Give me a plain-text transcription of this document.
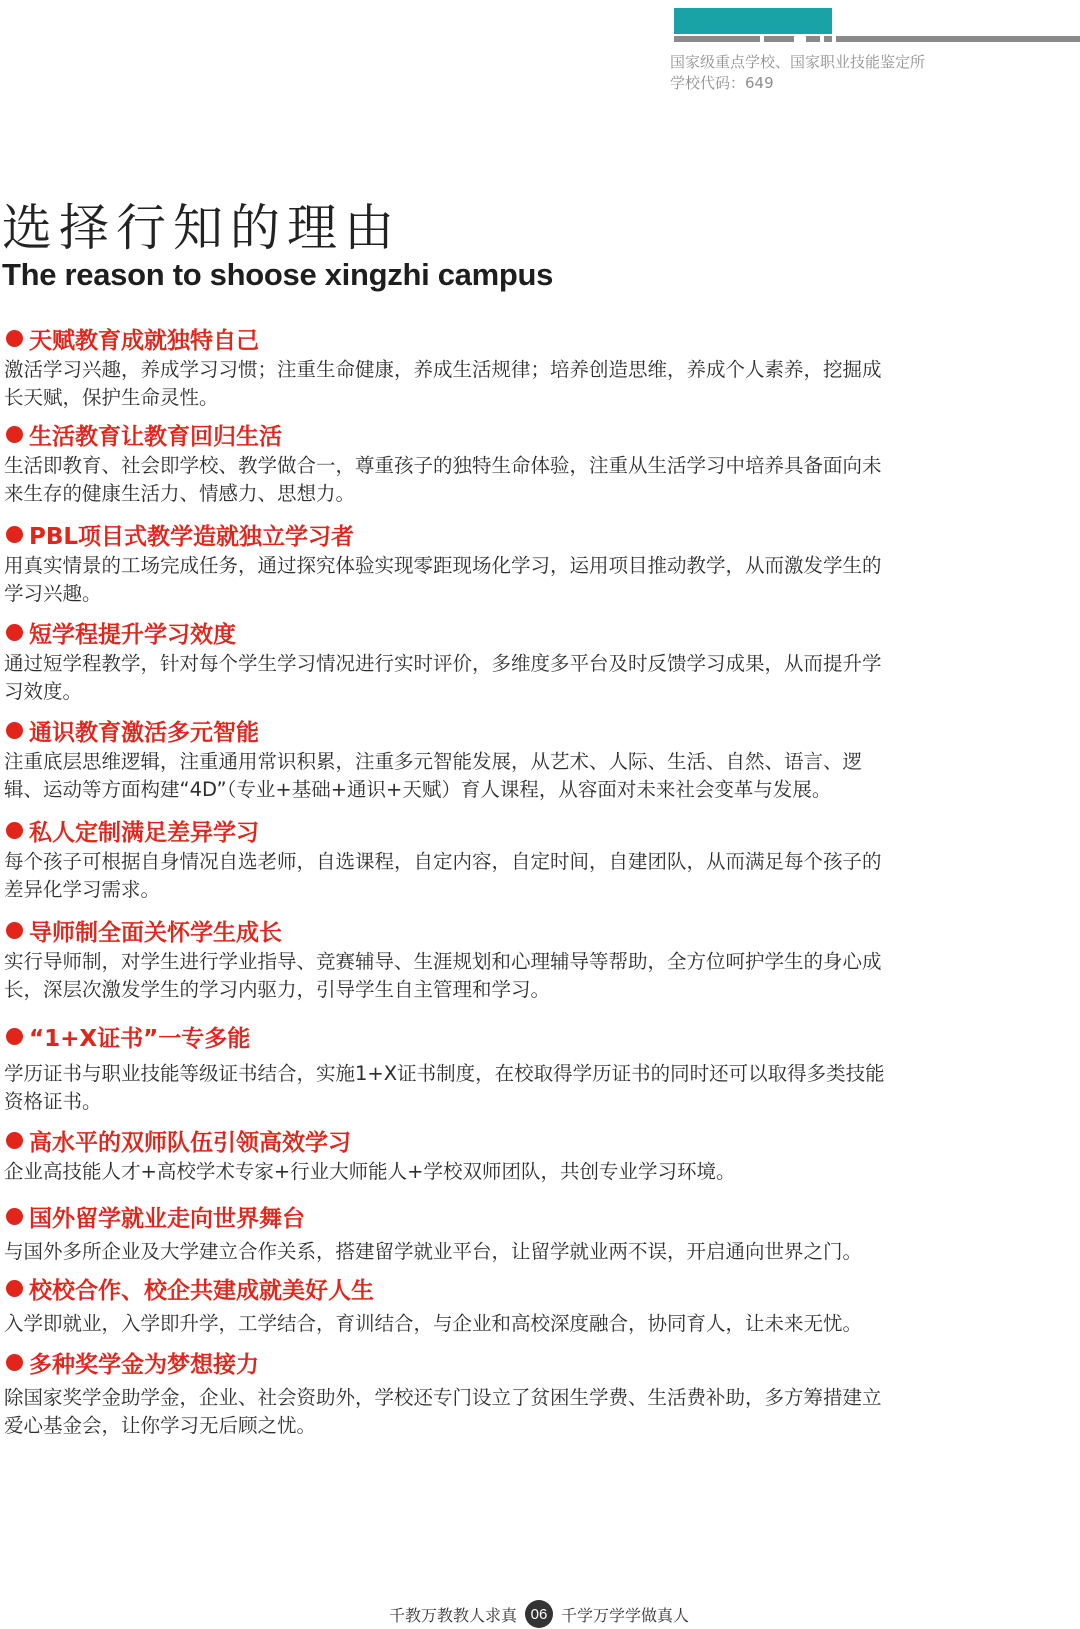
国家级重点学校、国家职业技能鉴定所
学校代码：649
选择行知的理由
The reason to shoose xingzhi campus
天赋教育成就独特自己
激活学习兴趣，养成学习习惯；注重生命健康，养成生活规律；培养创造思维，养成个人素养，挖掘成长天赋，保护生命灵性。
生活教育让教育回归生活
生活即教育、社会即学校、教学做合一，尊重孩子的独特生命体验，注重从生活学习中培养具备面向未来生存的健康生活力、情感力、思想力。
PBL项目式教学造就独立学习者
用真实情景的工场完成任务，通过探究体验实现零距现场化学习，运用项目推动教学，从而激发学生的学习兴趣。
短学程提升学习效度
通过短学程教学，针对每个学生学习情况进行实时评价，多维度多平台及时反馈学习成果，从而提升学习效度。
通识教育激活多元智能
注重底层思维逻辑，注重通用常识积累，注重多元智能发展，从艺术、人际、生活、自然、语言、逻辑、运动等方面构建“4D”（专业+基础+通识+天赋）育人课程，从容面对未来社会变革与发展。
私人定制满足差异学习
每个孩子可根据自身情况自选老师，自选课程，自定内容，自定时间，自建团队，从而满足每个孩子的差异化学习需求。
导师制全面关怀学生成长
实行导师制，对学生进行学业指导、竞赛辅导、生涯规划和心理辅导等帮助，全方位呵护学生的身心成长，深层次激发学生的学习内驱力，引导学生自主管理和学习。
“1+X证书”一专多能
学历证书与职业技能等级证书结合，实施1+X证书制度，在校取得学历证书的同时还可以取得多类技能资格证书。
高水平的双师队伍引领高效学习
企业高技能人才+高校学术专家+行业大师能人+学校双师团队，共创专业学习环境。
国外留学就业走向世界舞台
与国外多所企业及大学建立合作关系，搭建留学就业平台，让留学就业两不误，开启通向世界之门。
校校合作、校企共建成就美好人生
入学即就业，入学即升学，工学结合，育训结合，与企业和高校深度融合，协同育人，让未来无忧。
多种奖学金为梦想接力
除国家奖学金助学金，企业、社会资助外，学校还专门设立了贫困生学费、生活费补助，多方筹措建立爱心基金会，让你学习无后顾之忧。
千教万教教人求真 06 千学万学学做真人
